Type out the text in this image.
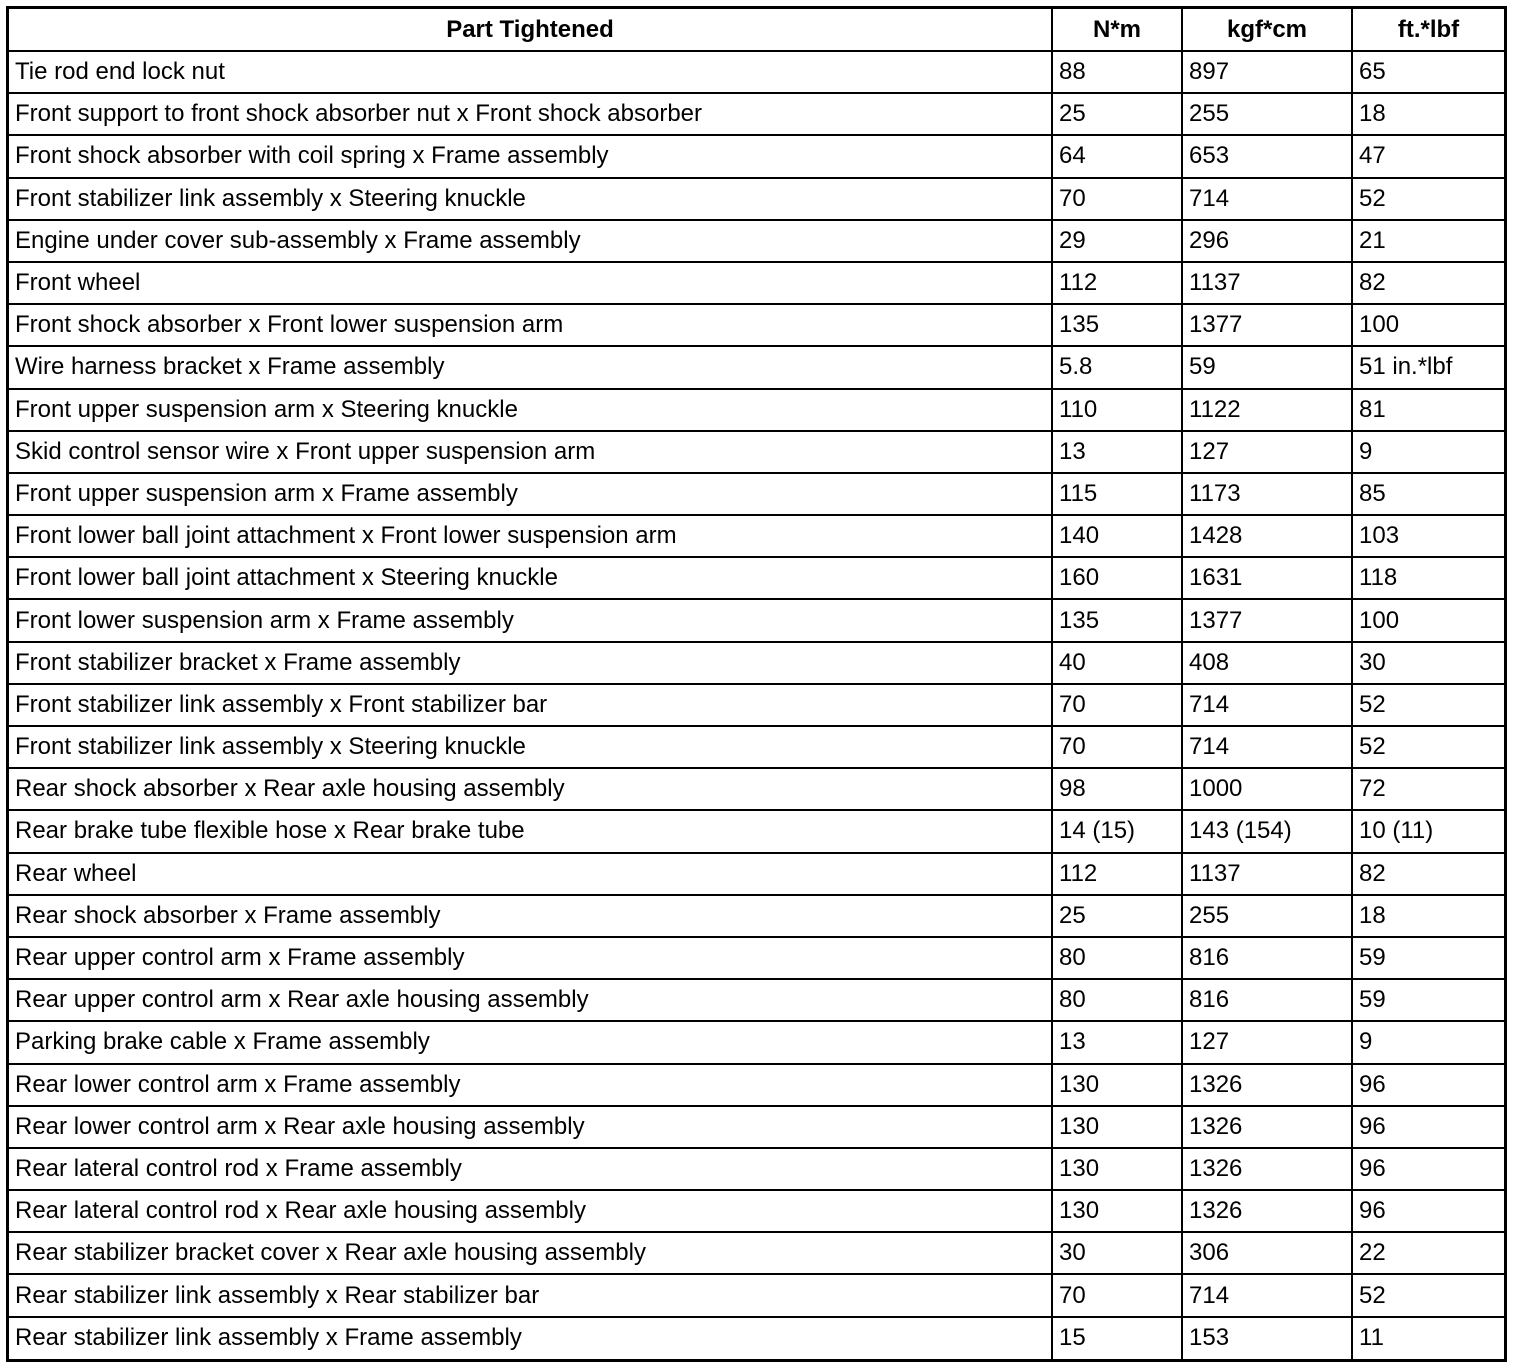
Part Tightened	N*m	kgf*cm	ft.*lbf
Tie rod end lock nut	88	897	65
Front support to front shock absorber nut x Front shock absorber	25	255	18
Front shock absorber with coil spring x Frame assembly	64	653	47
Front stabilizer link assembly x Steering knuckle	70	714	52
Engine under cover sub-assembly x Frame assembly	29	296	21
Front wheel	112	1137	82
Front shock absorber x Front lower suspension arm	135	1377	100
Wire harness bracket x Frame assembly	5.8	59	51 in.*lbf
Front upper suspension arm x Steering knuckle	110	1122	81
Skid control sensor wire x Front upper suspension arm	13	127	9
Front upper suspension arm x Frame assembly	115	1173	85
Front lower ball joint attachment x Front lower suspension arm	140	1428	103
Front lower ball joint attachment x Steering knuckle	160	1631	118
Front lower suspension arm x Frame assembly	135	1377	100
Front stabilizer bracket x Frame assembly	40	408	30
Front stabilizer link assembly x Front stabilizer bar	70	714	52
Front stabilizer link assembly x Steering knuckle	70	714	52
Rear shock absorber x Rear axle housing assembly	98	1000	72
Rear brake tube flexible hose x Rear brake tube	14 (15)	143 (154)	10 (11)
Rear wheel	112	1137	82
Rear shock absorber x Frame assembly	25	255	18
Rear upper control arm x Frame assembly	80	816	59
Rear upper control arm x Rear axle housing assembly	80	816	59
Parking brake cable x Frame assembly	13	127	9
Rear lower control arm x Frame assembly	130	1326	96
Rear lower control arm x Rear axle housing assembly	130	1326	96
Rear lateral control rod x Frame assembly	130	1326	96
Rear lateral control rod x Rear axle housing assembly	130	1326	96
Rear stabilizer bracket cover x Rear axle housing assembly	30	306	22
Rear stabilizer link assembly x Rear stabilizer bar	70	714	52
Rear stabilizer link assembly x Frame assembly	15	153	11
